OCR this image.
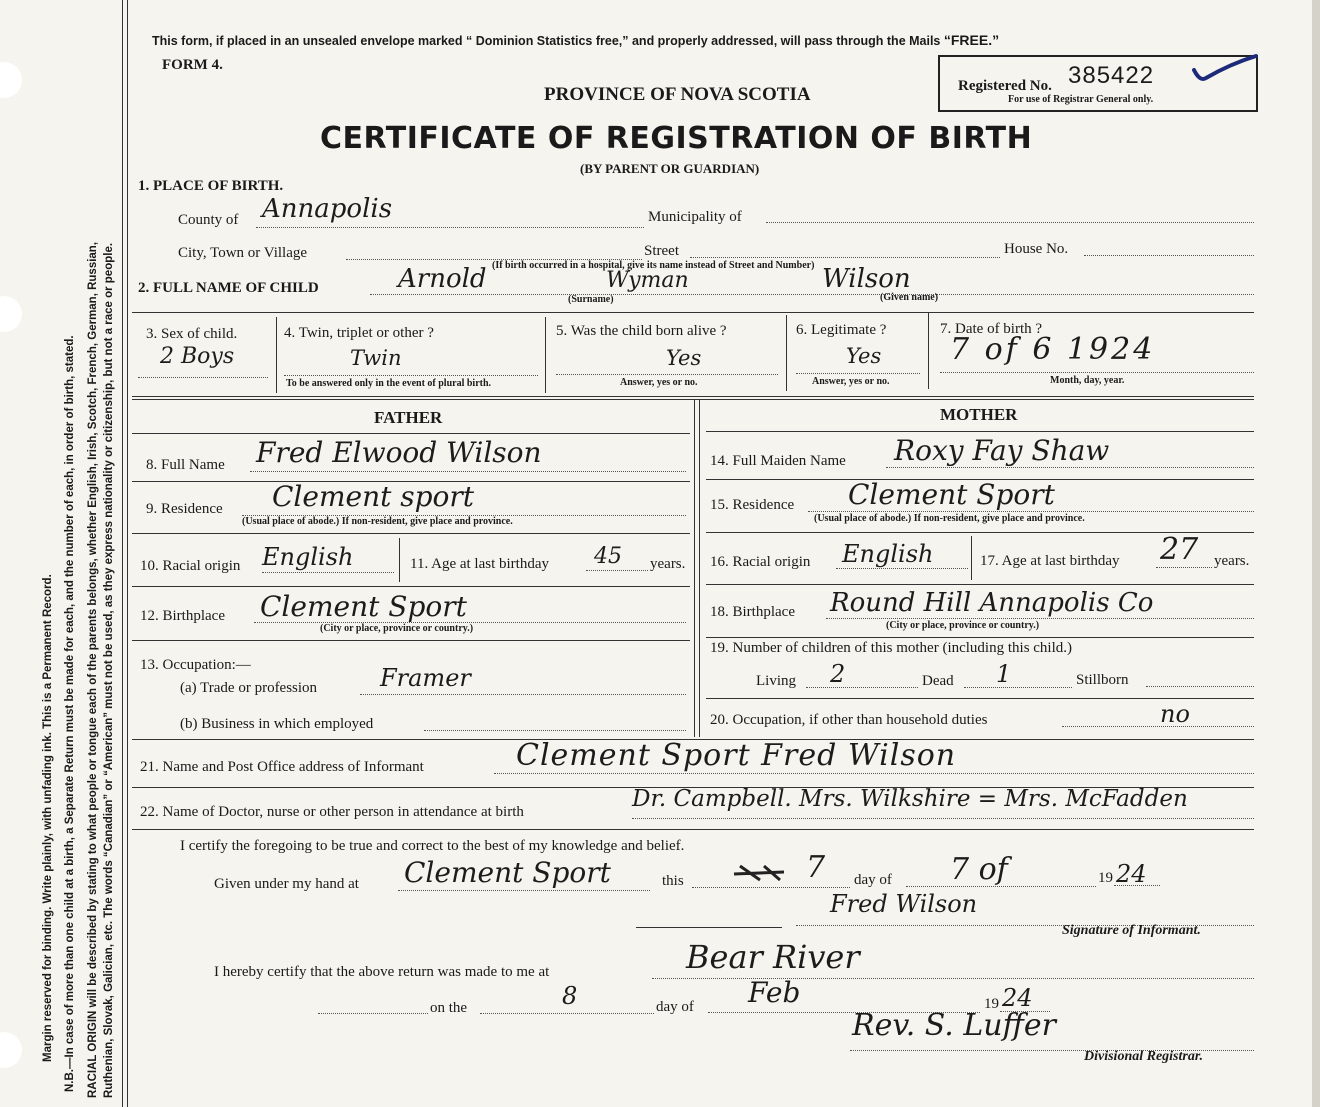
Margin reserved for binding. Write plainly, with unfading ink. This is a Permanent Record. N.B.—In case of more than one child at a birth, a Separate Return must be made for each, and the number of each, in order of birth, stated. RACIAL ORIGIN will be described by stating to what people or tongue each of the parents belongs, whether English, Irish, Scotch, French, German, Russian, Ruthenian, Slovak, Galician, etc. The words “Canadian” or “American” must not be used, as they express nationality or citizenship, but not a race or people.
This form, if placed in an unsealed envelope marked “ Dominion Statistics free,” and properly addressed, will pass through the Mails “FREE.”
FORM 4.
Registered No. 385422
For use of Registrar General only.
PROVINCE OF NOVA SCOTIA
CERTIFICATE OF REGISTRATION OF BIRTH
(BY PARENT OR GUARDIAN)
1. PLACE OF BIRTH.
County of Annapolis	Municipality of
City, Town or Village	Street	House No.
(If birth occurred in a hospital, give its name instead of Street and Number)
2. FULL NAME OF CHILD	Arnold	Wyman	Wilson
(Surname)	(Given name)
3. Sex of child.
2 Boys
4. Twin, triplet or other ?
Twin
To be answered only in the event of plural birth.
5. Was the child born alive ?
Yes
Answer, yes or no.
6. Legitimate ?
Yes
Answer, yes or no.
7. Date of birth ?
7 of 6 1924
Month, day, year.
FATHER
8. Full Name Fred Elwood Wilson
9. Residence Clement sport
(Usual place of abode.) If non-resident, give place and province.
10. Racial origin English	11. Age at last birthday 45 years.
12. Birthplace Clement Sport
(City or place, province or country.)
13. Occupation:—
(a) Trade or profession	Framer
(b) Business in which employed
MOTHER
14. Full Maiden Name Roxy Fay Shaw
15. Residence Clement Sport
(Usual place of abode.) If non-resident, give place and province.
16. Racial origin English	17. Age at last birthday 27 years.
18. Birthplace Round Hill Annapolis Co
(City or place, province or country.)
19. Number of children of this mother (including this child.)
Living 2	Dead 1	Stillborn
20. Occupation, if other than household duties	no
21. Name and Post Office address of Informant	Clement Sport Fred Wilson
22. Name of Doctor, nurse or other person in attendance at birth	Dr. Campbell. Mrs. Wilkshire = Mrs. McFadden
I certify the foregoing to be true and correct to the best of my knowledge and belief.
Given under my hand at Clement Sport	this	7 day of 7 of	19 24
Fred Wilson
Signature of Informant.
I hereby certify that the above return was made to me at	Bear River
on the	8	day of Feb	19 24
Rev. S. Luffer
Divisional Registrar.
